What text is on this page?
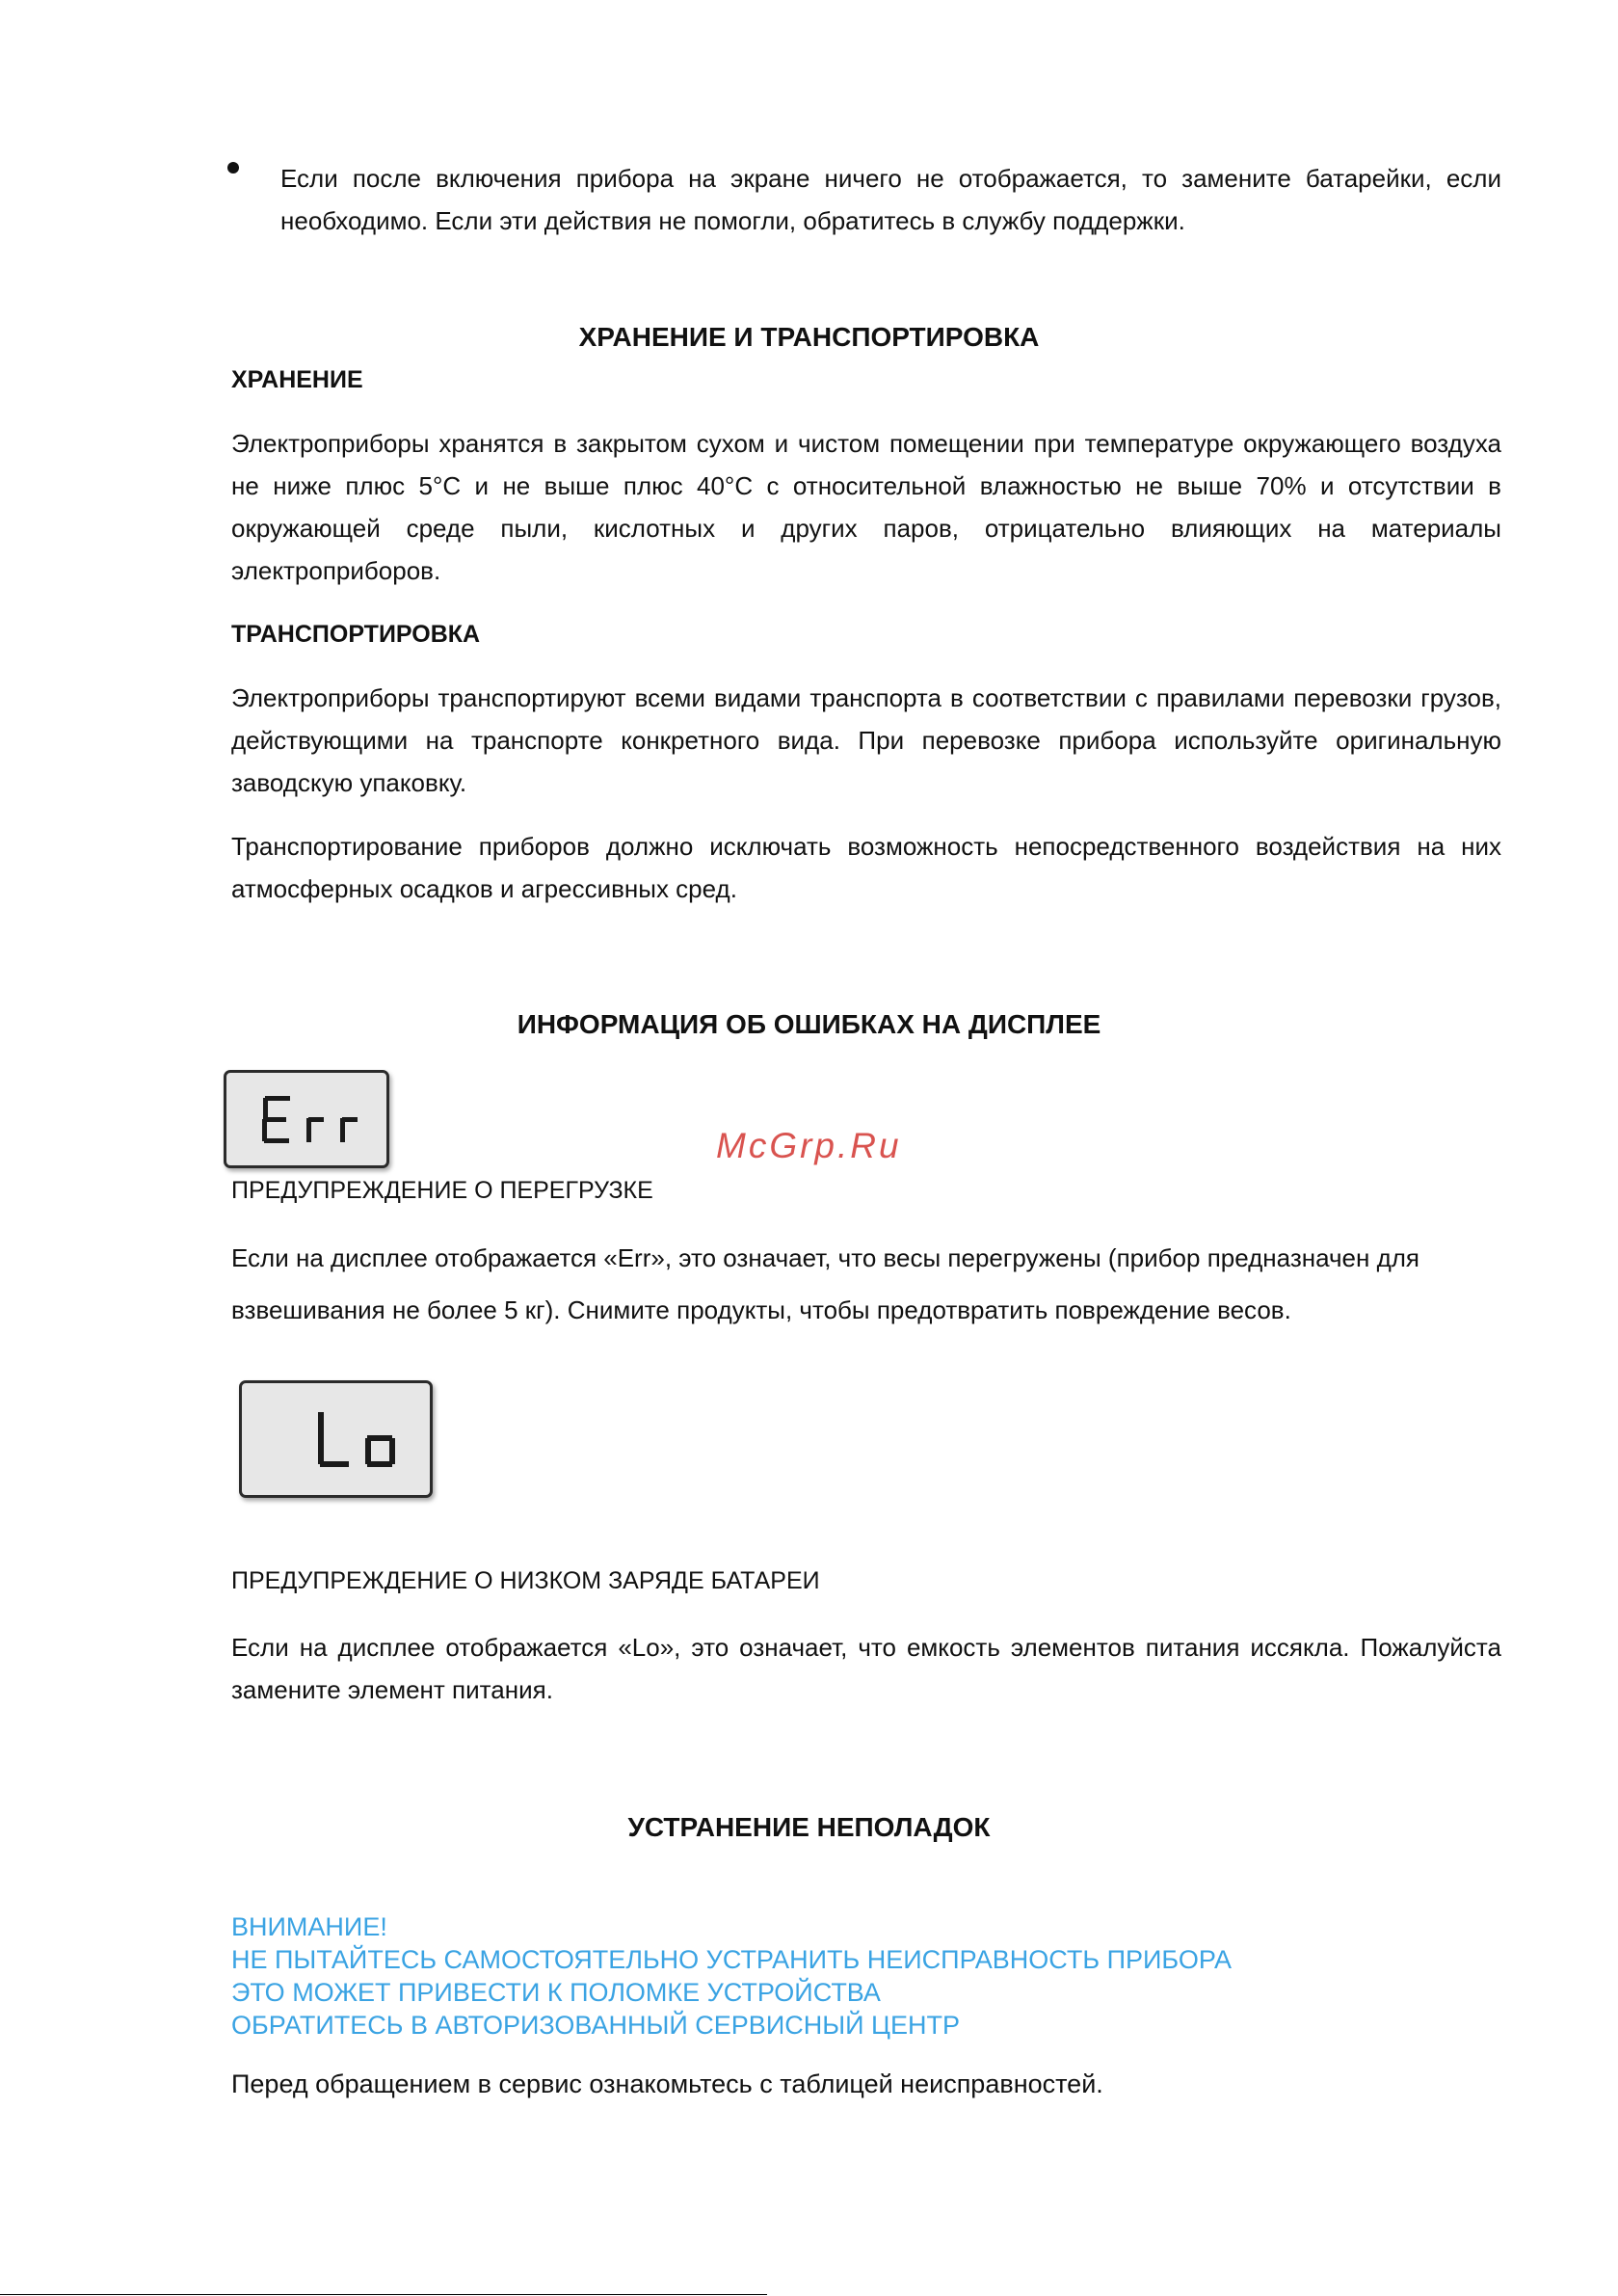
Если после включения прибора на экране ничего не отображается, то замените батарейки, если необходимо. Если эти действия не помогли, обратитесь в службу поддержки.

ХРАНЕНИЕ И ТРАНСПОРТИРОВКА
ХРАНЕНИЕ

Электроприборы хранятся в закрытом сухом и чистом помещении при температуре окружающего воздуха не ниже плюс 5°С и не выше плюс 40°С с относительной влажностью не выше 70% и отсутствии в окружающей среде пыли, кислотных и других паров, отрицательно влияющих на материалы электроприборов.

ТРАНСПОРТИРОВКА

Электроприборы транспортируют всеми видами транспорта в соответствии с правилами перевозки грузов, действующими на транспорте конкретного вида. При перевозке прибора используйте оригинальную заводскую упаковку.

Транспортирование приборов должно исключать возможность непосредственного воздействия на них атмосферных осадков и агрессивных сред.

ИНФОРМАЦИЯ ОБ ОШИБКАХ НА ДИСПЛЕЕ
McGrp.Ru

ПРЕДУПРЕЖДЕНИЕ О ПЕРЕГРУЗКЕ

Если на дисплее отображается «Err», это означает, что весы перегружены (прибор предназначен для

взвешивания не более 5 кг). Снимите продукты, чтобы предотвратить повреждение весов.

ПРЕДУПРЕЖДЕНИЕ О НИЗКОМ ЗАРЯДЕ БАТАРЕИ

Если на дисплее отображается «Lo», это означает, что емкость элементов питания иссякла. Пожалуйста замените элемент питания.

УСТРАНЕНИЕ НЕПОЛАДОК

ВНИМАНИЕ!

НЕ ПЫТАЙТЕСЬ САМОСТОЯТЕЛЬНО УСТРАНИТЬ НЕИСПРАВНОСТЬ ПРИБОРА

ЭТО МОЖЕТ ПРИВЕСТИ К ПОЛОМКЕ УСТРОЙСТВА

ОБРАТИТЕСЬ В АВТОРИЗОВАННЫЙ СЕРВИСНЫЙ ЦЕНТР

Перед обращением в сервис ознакомьтесь с таблицей неисправностей.
